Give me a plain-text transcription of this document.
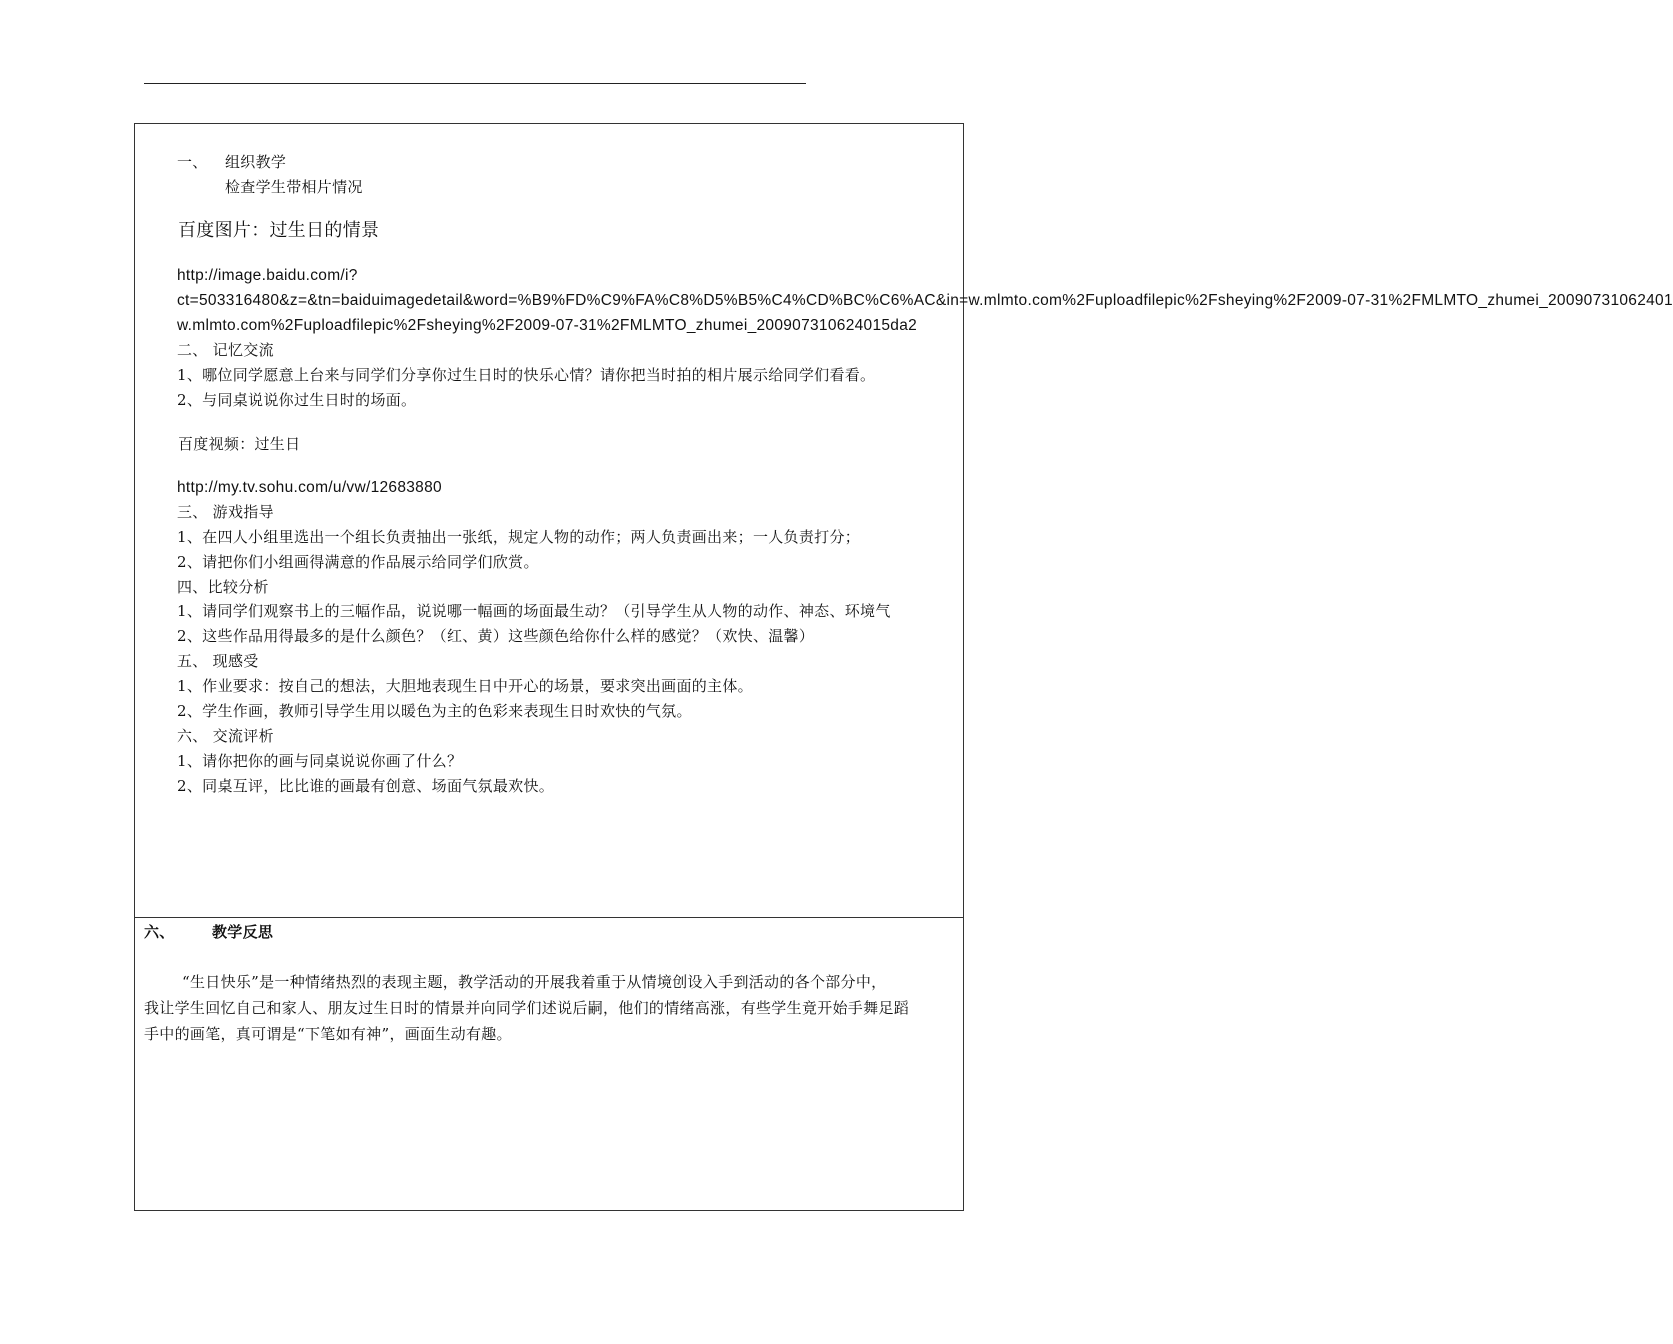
一、 组织教学
检查学生带相片情况
百度图片：过生日的情景
http://image.baidu.com/i?
ct=503316480&z=&tn=baiduimagedetail&word=%B9%FD%C9%FA%C8%D5%B5%C4%CD%BC%C6%AC&in=w.mlmto.com%2Fuploadfilepic%2Fsheying%2F2009-07-31%2FMLMTO_zhumei_20090731062401
w.mlmto.com%2Fuploadfilepic%2Fsheying%2F2009-07-31%2FMLMTO_zhumei_200907310624015da2
二、 记忆交流
1、哪位同学愿意上台来与同学们分享你过生日时的快乐心情？请你把当时拍的相片展示给同学们看看。
2、与同桌说说你过生日时的场面。
百度视频：过生日
http://my.tv.sohu.com/u/vw/12683880
三、 游戏指导
1、在四人小组里选出一个组长负责抽出一张纸，规定人物的动作；两人负责画出来；一人负责打分；
2、请把你们小组画得满意的作品展示给同学们欣赏。
四、比较分析
1、请同学们观察书上的三幅作品，说说哪一幅画的场面最生动？（引导学生从人物的动作、神态、环境气
2、这些作品用得最多的是什么颜色？（红、黄）这些颜色给你什么样的感觉？（欢快、温馨）
五、 现感受
1、作业要求：按自己的想法，大胆地表现生日中开心的场景，要求突出画面的主体。
2、学生作画，教师引导学生用以暖色为主的色彩来表现生日时欢快的气氛。
六、 交流评析
1、请你把你的画与同桌说说你画了什么？
2、同桌互评，比比谁的画最有创意、场面气氛最欢快。
六、 教学反思
“生日快乐”是一种情绪热烈的表现主题，教学活动的开展我着重于从情境创设入手到活动的各个部分中，
我让学生回忆自己和家人、朋友过生日时的情景并向同学们述说后嗣，他们的情绪高涨，有些学生竟开始手舞足蹈
手中的画笔，真可谓是“下笔如有神”，画面生动有趣。
